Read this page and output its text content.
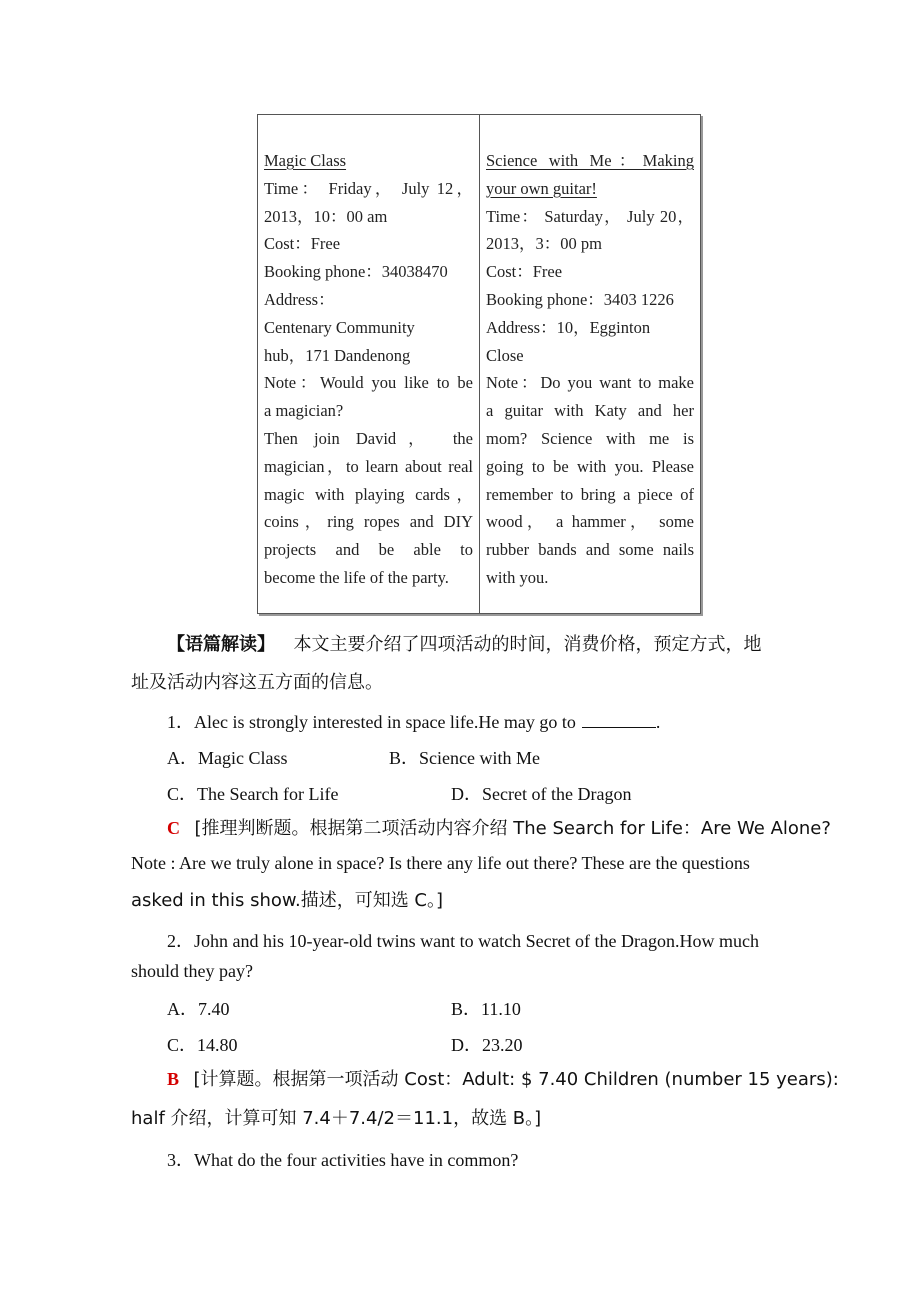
Magic Class
Time： Friday， July 12，
2013，10：00 am
Cost：Free
Booking phone：34038470
Address：
Centenary Community
hub，171 Dandenong
Note：Would you like to be
a magician?
Then join David， the
magician，to learn about real
magic with playing cards，
coins，ring ropes and DIY
projects and be able to
become the life of the party.
Science with Me：Making
your own guitar!
Time： Saturday， July 20，
2013，3：00 pm
Cost：Free
Booking phone：3403 1226
Address：10，Egginton
Close
Note：Do you want to make
a guitar with Katy and her
mom? Science with me is
going to be with you. Please
remember to bring a piece of
wood， a hammer， some
rubber bands and some nails
with you.
【语篇解读】 本文主要介绍了四项活动的时间，消费价格，预定方式，地
址及活动内容这五方面的信息。
1．Alec is strongly interested in space life.He may go to	.
A．Magic Class	B．Science with Me
C．The Search for Life	D．Secret of the Dragon
C [推理判断题。根据第二项活动内容介绍 The Search for Life：Are We Alone?
Note : Are we truly alone in space? Is there any life out there? These are the questions
asked in this show.描述，可知选 C。]
2．John and his 10-year-old twins want to watch Secret of the Dragon.How much
should they pay?
A．7.40	B．11.10
C．14.80	D．23.20
B [计算题。根据第一项活动 Cost：Adult: $ 7.40 Children (number 15 years):
half 介绍，计算可知 7.4＋7.4/2＝11.1，故选 B。]
3．What do the four activities have in common?
